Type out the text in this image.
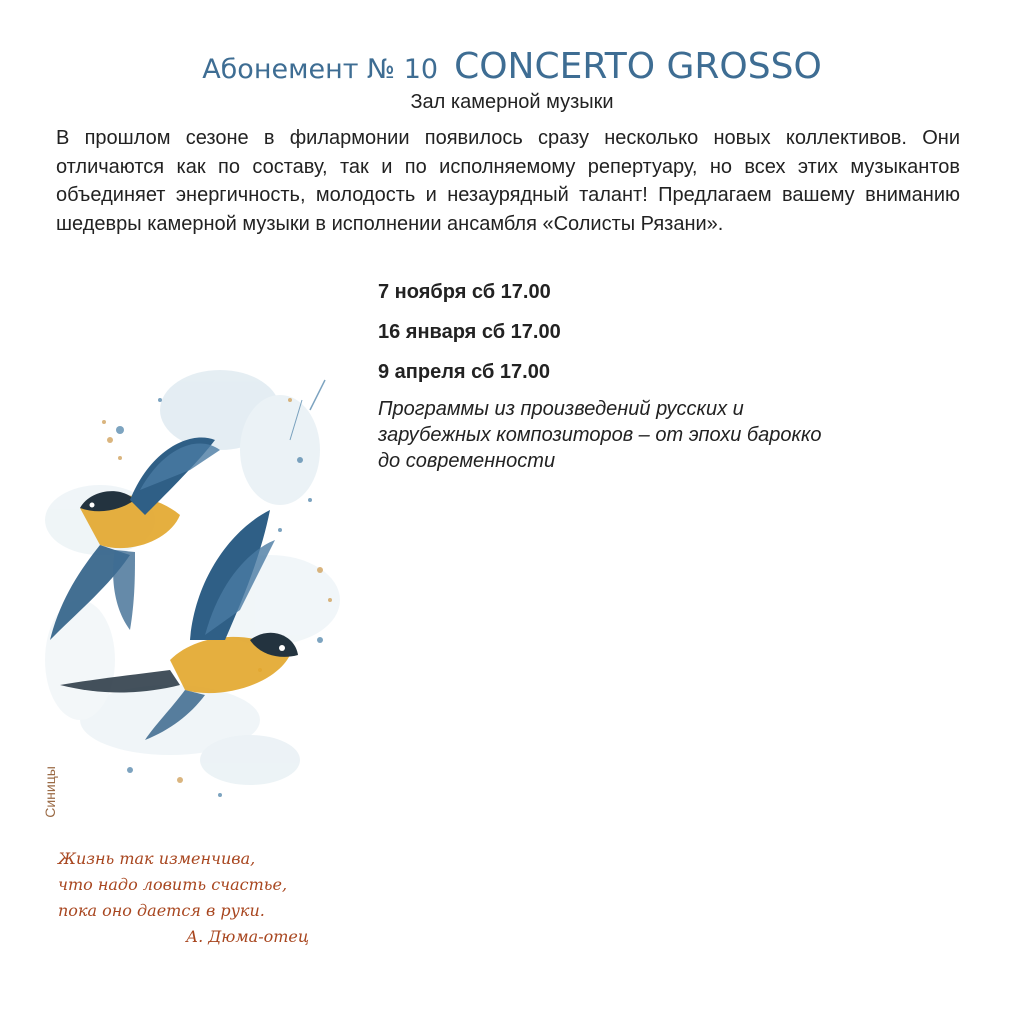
Абонемент № 10 CONCERTO GROSSO
Зал камерной музыки

В прошлом сезоне в филармонии появилось сразу несколько новых коллективов. Они отличаются как по составу, так и по исполняемому репертуару, но всех этих музыкантов объединяет энергичность, молодость и незаурядный талант! Предлагаем вашему вниманию шедевры камерной музыки в исполнении ансамбля «Солисты Рязани».

7 ноября сб 17.00
16 января сб 17.00
9 апреля сб 17.00
Программы из произведений русских и зарубежных композиторов – от эпохи барокко до современности
Синицы
Жизнь так изменчива,
что надо ловить счастье,
пока оно дается в руки.
А. Дюма-отец
